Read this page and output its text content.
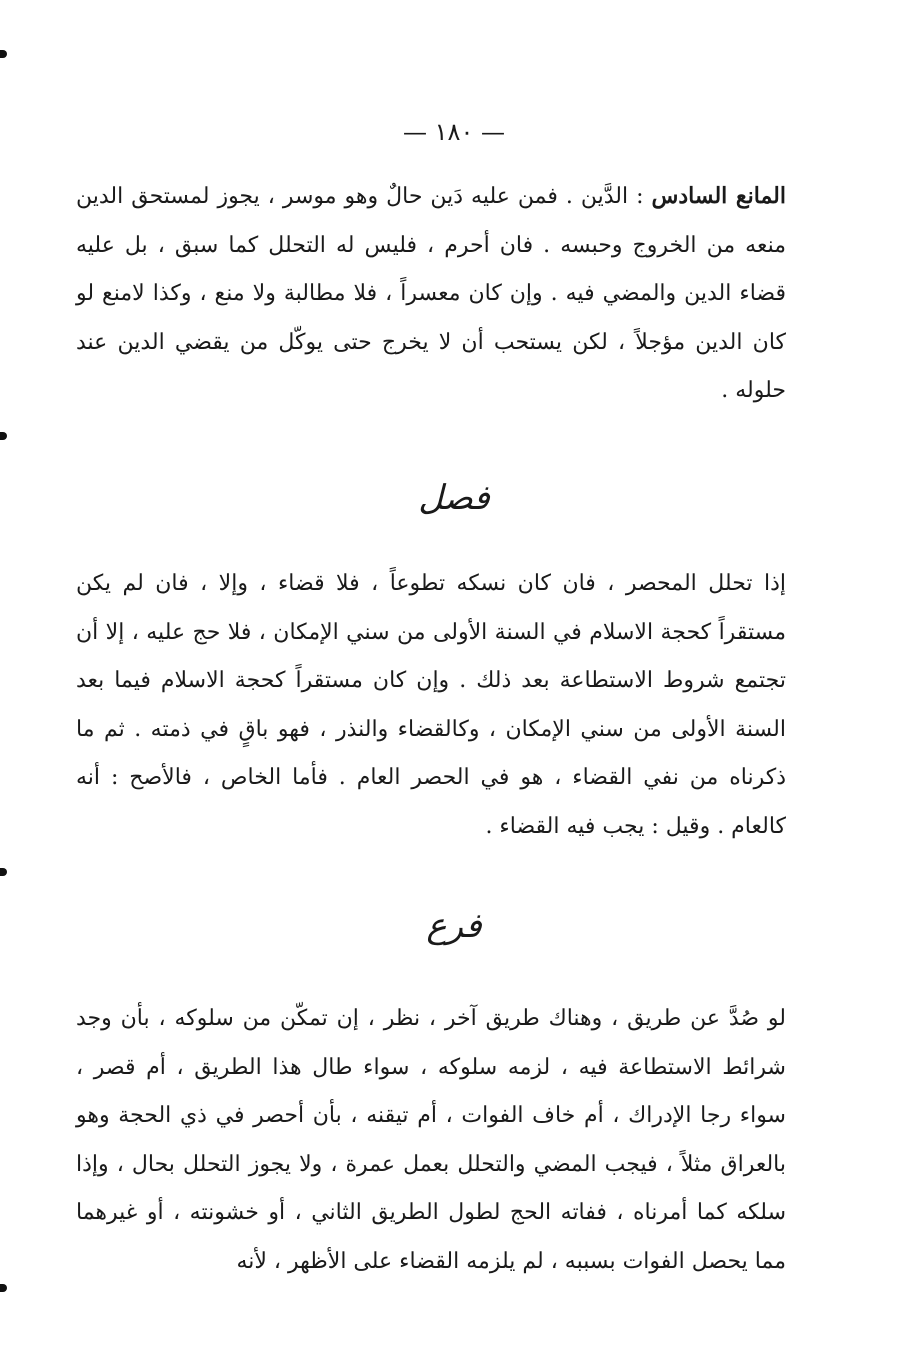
— ١٨٠ —
المانع السادس : الدَّين . فمن عليه دَين حالٌ وهو موسر ، يجوز لمستحق الدين منعه من الخروج وحبسه . فان أحرم ، فليس له التحلل كما سبق ، بل عليه قضاء الدين والمضي فيه . وإن كان معسراً ، فلا مطالبة ولا منع ، وكذا لامنع لو كان الدين مؤجلاً ، لكن يستحب أن لا يخرج حتى يوكّل من يقضي الدين عند حلوله .
فصل
إذا تحلل المحصر ، فان كان نسكه تطوعاً ، فلا قضاء ، وإلا ، فان لم يكن مستقراً كحجة الاسلام في السنة الأولى من سني الإمكان ، فلا حج عليه ، إلا أن تجتمع شروط الاستطاعة بعد ذلك . وإن كان مستقراً كحجة الاسلام فيما بعد السنة الأولى من سني الإمكان ، وكالقضاء والنذر ، فهو باقٍ في ذمته . ثم ما ذكرناه من نفي القضاء ، هو في الحصر العام . فأما الخاص ، فالأصح : أنه كالعام . وقيل : يجب فيه القضاء .
فرع
لو صُدَّ عن طريق ، وهناك طريق آخر ، نظر ، إن تمكّن من سلوكه ، بأن وجد شرائط الاستطاعة فيه ، لزمه سلوكه ، سواء طال هذا الطريق ، أم قصر ، سواء رجا الإدراك ، أم خاف الفوات ، أم تيقنه ، بأن أحصر في ذي الحجة وهو بالعراق مثلاً ، فيجب المضي والتحلل بعمل عمرة ، ولا يجوز التحلل بحال ، وإذا سلكه كما أمرناه ، ففاته الحج لطول الطريق الثاني ، أو خشونته ، أو غيرهما مما يحصل الفوات بسببه ، لم يلزمه القضاء على الأظهر ، لأنه
